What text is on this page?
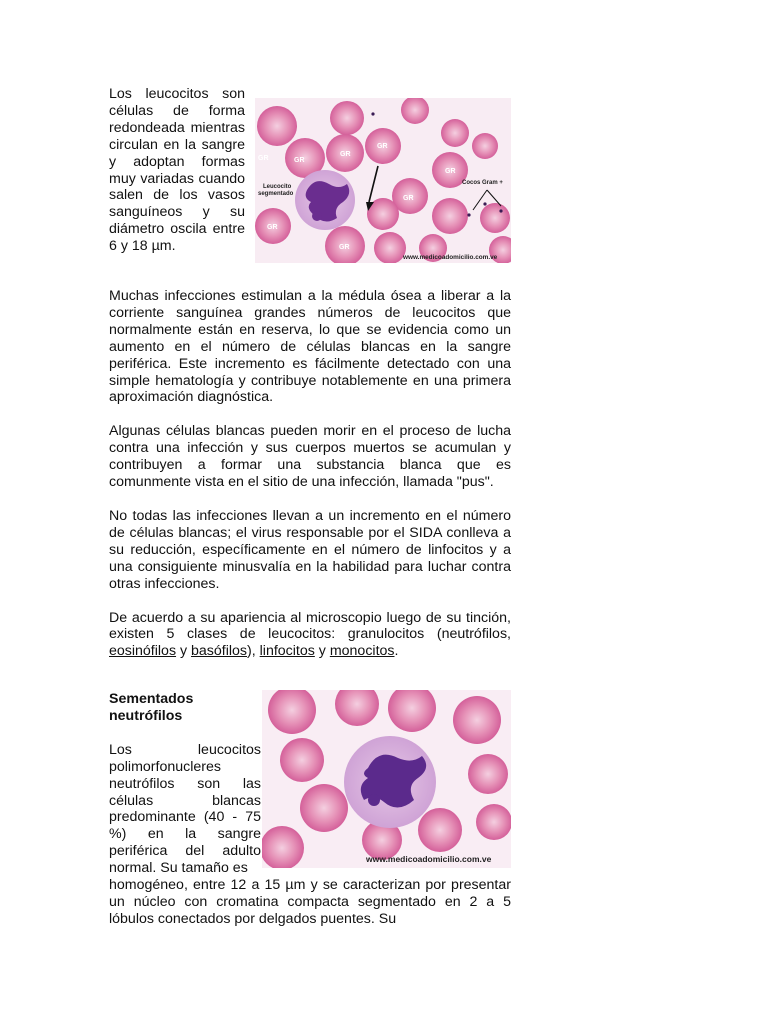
Los leucocitos son células de forma redondeada mientras circulan en la sangre y adoptan formas muy variadas cuando salen de los vasos sanguíneos y su diámetro oscila entre 6 y 18 µm.

GR	GR
GR
GR
GR
GR
GR
GR
Leucocito
segmentado
Cocos Gram +
www.medicoadomicilio.com.ve

Muchas infecciones estimulan a la médula ósea a liberar a la corriente sanguínea grandes números de leucocitos que normalmente están en reserva, lo que se evidencia como un aumento en el número de células blancas en la sangre periférica. Este incremento es fácilmente detectado con una simple hematología y contribuye notablemente en una primera aproximación diagnóstica.

Algunas células blancas pueden morir en el proceso de lucha contra una infección y sus cuerpos muertos se acumulan y contribuyen a formar una substancia blanca que es comunmente vista en el sitio de una infección, llamada "pus".

No todas las infecciones llevan a un incremento en el número de células blancas; el virus responsable por el SIDA conlleva a su reducción, específicamente en el número de linfocitos y a una consiguiente minusvalía en la habilidad para luchar contra otras infecciones.

De acuerdo a su apariencia al microscopio luego de su tinción, existen 5 clases de leucocitos: granulocitos (neutrófilos, eosinófilos y basófilos), linfocitos y monocitos.

Sementados neutrófilos

Los leucocitos polimorfonucleres neutrófilos son las células blancas predominante (40 - 75 %) en la sangre periférica del adulto normal. Su tamaño es

homogéneo, entre 12 a 15 µm y se caracterizan por presentar un núcleo con cromatina compacta segmentado en 2 a 5 lóbulos conectados por delgados puentes. Su

www.medicoadomicilio.com.ve
